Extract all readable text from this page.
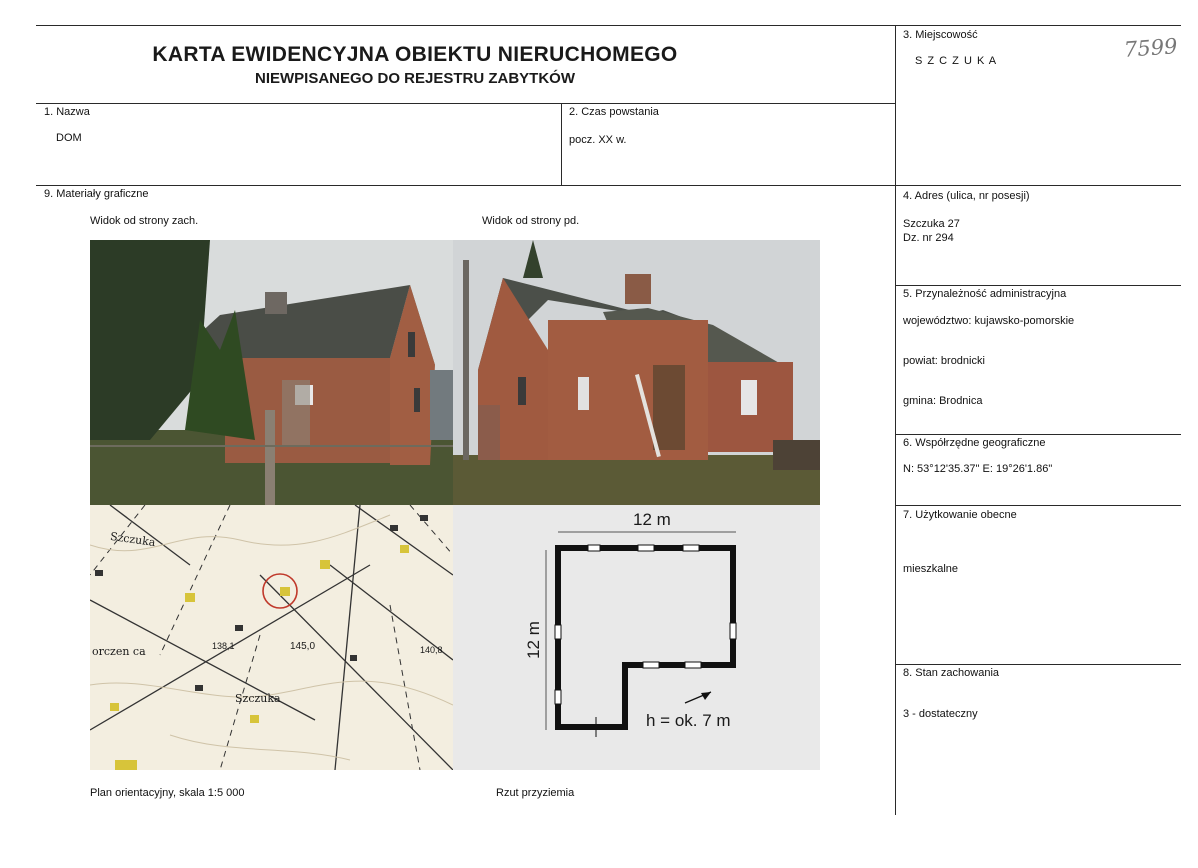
KARTA EWIDENCYJNA OBIEKTU NIERUCHOMEGO
NIEWPISANEGO DO REJESTRU ZABYTKÓW
7599
1. Nazwa
DOM
2. Czas powstania
pocz. XX w.
3. Miejscowość
S Z C Z U K A
9. Materiały graficzne	4. Adres (ulica, nr posesji)
Szczuka 27
Dz. nr 294
5. Przynależność administracyjna
województwo: kujawsko-pomorskie
powiat: brodnicki
gmina: Brodnica
6. Współrzędne geograficzne
N: 53°12'35.37" E: 19°26'1.86"
7. Użytkowanie obecne
mieszkalne
8. Stan zachowania
3 - dostateczny
Widok od strony zach.	Widok od strony pd.
Szczuka
orczen ca	138,1	145,0	140,8
Szczuka
12 m
12 m
h = ok. 7 m
Plan orientacyjny, skala 1:5 000	Rzut przyziemia
